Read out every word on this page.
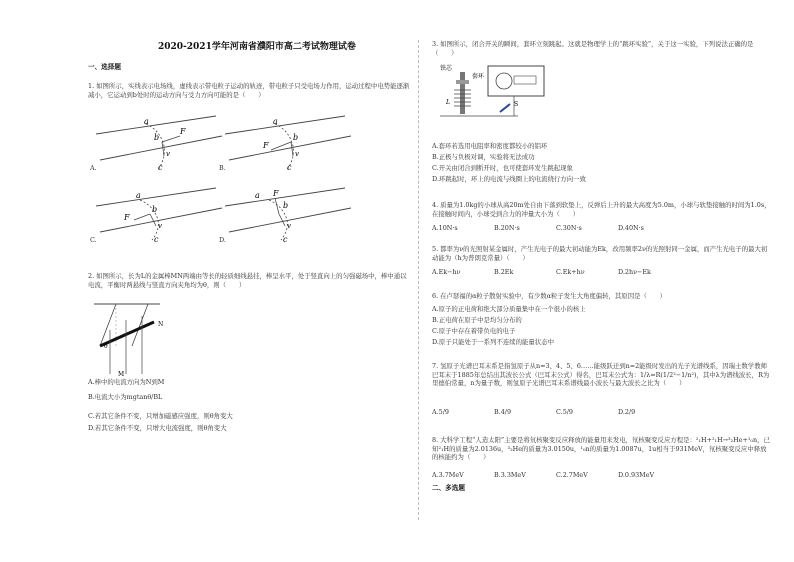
2020-2021学年河南省濮阳市高二考试物理试卷
一、选择题
1. 如图所示，实线表示电场线，虚线表示带电粒子运动的轨迹，带电粒子只受电场力作用，运动过程中电势能逐渐减小，它运动到b处时的运动方向与受力方向可能的是（　　）
a
b
F
v
c
A.
a
b
F
v
c
B.
a
b
F
v
c
C.
a
b
F
v
c
D.
2. 如图所示，长为L的金属棒MN两端由等长的轻质细线悬挂，棒呈水平，处于竖直向上的匀强磁场中，棒中通以电流，平衡时两悬线与竖直方向夹角均为θ，则（　　）
N
M
θ
A.棒中的电流方向为N到M
B.电流大小为mgtanθ/BL
C.若其它条件不变，只增加磁感应强度，则θ角变大
D.若其它条件不变，只增大电流强度，则θ角变大
3. 如图所示，闭合开关的瞬间，套环立刻跳起。这就是物理学上的“跳环实验”，关于这一实验，下列说法正确的是（　　）
铁芯
套环
L	S
A.套环若选用电阻率和密度都较小的铝环
B.正极与负极对调，实验将无法成功
C.开关由闭合到断开时，也可使套环发生跳起现象
D.环跳起时，环上的电流与线圈上的电流绕行方向一致
4. 质量为1.0kg的小球从高20m处自由下落到软垫上，反弹后上升的最大高度为5.0m，小球与软垫接触的时间为1.0s，在接触时间内，小球受到合力的冲量大小为（　　）
A.10N·s	B.20N·s	C.30N·s	D.40N·s
5. 都率为ν的光照射某金属时，产生光电子的最大初动能为Ek，改用频率2ν的光照射同一金属，而产生光电子的最大初动能为（h为普朗克常量）（　　）
A.Ek−hν	B.2Ek	C.Ek+hν	D.2hν−Ek
6. 在卢瑟福的α粒子散射实验中，有少数α粒子发生大角度偏转，其原因是（　　）
A.原子的正电荷和绝大部分质量集中在一个很小的核上
B.正电荷在原子中是均匀分布的
C.原子中存在着带负电的电子
D.原子只能处于一系列不连续的能量状态中
7. 氢原子光谱巴耳末系是指氢原子从n=3、4、5、6……能级跃迁到n=2能级时发出的光子光谱线系，因瑞士数学教师巴耳末于1885年总结出其波长公式（巴耳末公式）得名，巴耳末公式为：1/λ=R(1/2²−1/n²)，其中λ为谱线波长，R为里德伯常量，n为量子数，则氢原子光谱巴耳末系谱线最小波长与最大波长之比为（　　）
A.5/9	B.4/9	C.5/9	D.2/9
8. 大科学工程“人造太阳”主要是将氘核聚变反应释放的能量用来发电，氘核聚变反应方程是：²₁H+²₁H→³₂He+¹₀n，已知²₁H的质量为2.0136u，³₂He的质量为3.0150u，¹₀n的质量为1.0087u，1u相当于931MeV，氘核聚变反应中释放的核能约为（　　）
A.3.7MeV	B.3.3MeV	C.2.7MeV	D.0.93MeV
二、多选题
